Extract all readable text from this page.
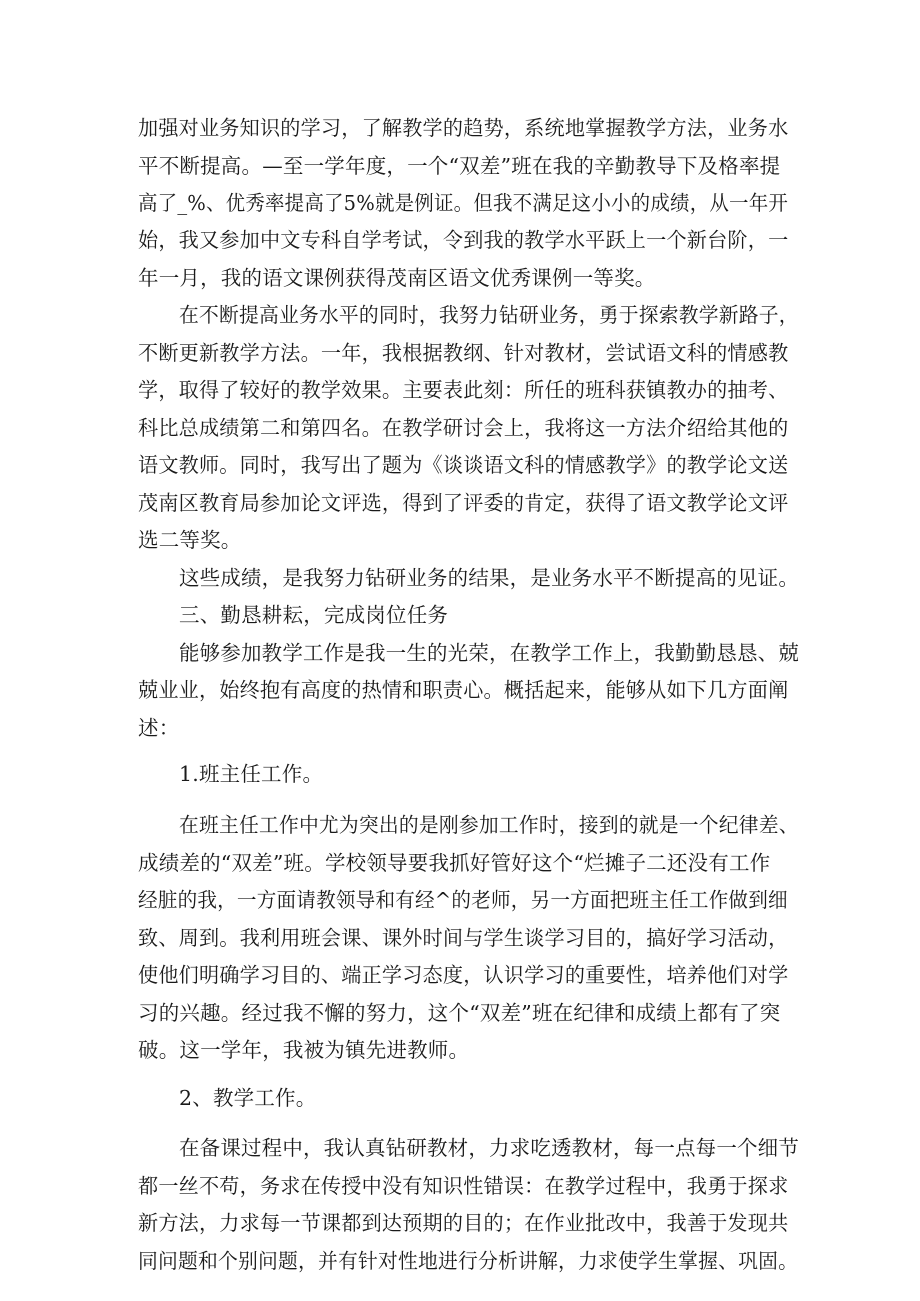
加强对业务知识的学习，了解教学的趋势，系统地掌握教学方法，业务水
平不断提高。—至一学年度，一个“双差”班在我的辛勤教导下及格率提
高了_%、优秀率提高了5%就是例证。但我不满足这小小的成绩，从一年开
始，我又参加中文专科自学考试，令到我的教学水平跃上一个新台阶，一
年一月，我的语文课例获得茂南区语文优秀课例一等奖。
在不断提高业务水平的同时，我努力钻研业务，勇于探索教学新路子，
不断更新教学方法。一年，我根据教纲、针对教材，尝试语文科的情感教
学，取得了较好的教学效果。主要表此刻：所任的班科获镇教办的抽考、
科比总成绩第二和第四名。在教学研讨会上，我将这一方法介绍给其他的
语文教师。同时，我写出了题为《谈谈语文科的情感教学》的教学论文送
茂南区教育局参加论文评选，得到了评委的肯定，获得了语文教学论文评
选二等奖。
这些成绩，是我努力钻研业务的结果，是业务水平不断提高的见证。
三、勤恳耕耘，完成岗位任务
能够参加教学工作是我一生的光荣，在教学工作上，我勤勤恳恳、兢
兢业业，始终抱有高度的热情和职责心。概括起来，能够从如下几方面阐
述：
1.班主任工作。
在班主任工作中尤为突出的是刚参加工作时，接到的就是一个纪律差、
成绩差的“双差”班。学校领导要我抓好管好这个“烂摊子二还没有工作
经脏的我，一方面请教领导和有经^的老师，另一方面把班主任工作做到细
致、周到。我利用班会课、课外时间与学生谈学习目的，搞好学习活动，
使他们明确学习目的、端正学习态度，认识学习的重要性，培养他们对学
习的兴趣。经过我不懈的努力，这个“双差”班在纪律和成绩上都有了突
破。这一学年，我被为镇先进教师。
2、教学工作。
在备课过程中，我认真钻研教材，力求吃透教材，每一点每一个细节
都一丝不苟，务求在传授中没有知识性错误：在教学过程中，我勇于探求
新方法，力求每一节课都到达预期的目的；在作业批改中，我善于发现共
同问题和个别问题，并有针对性地进行分析讲解，力求使学生掌握、巩固。
